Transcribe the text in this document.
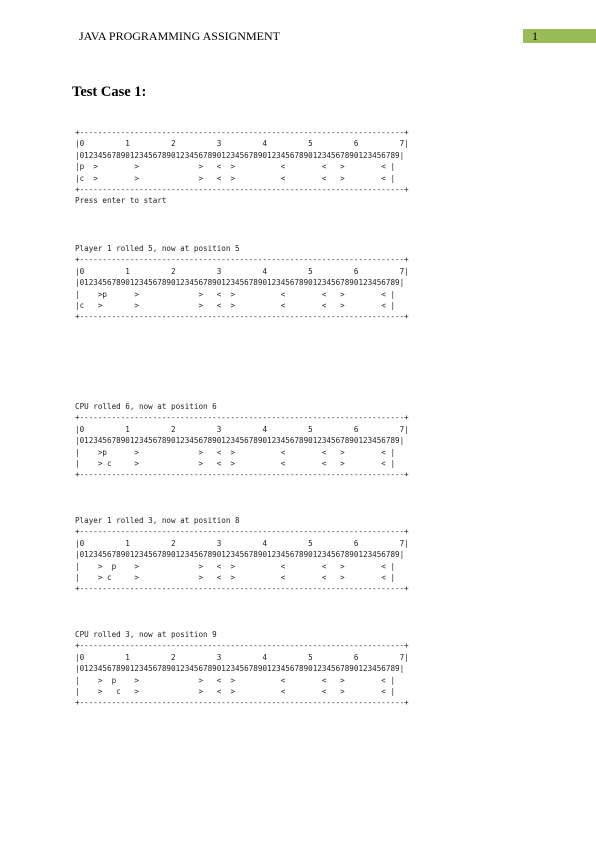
JAVA PROGRAMMING ASSIGNMENT	1
Test Case 1:
+-----------------------------------------------------------------------+
|0         1         2         3         4         5         6         7|
|0123456789012345678901234567890123456789012345678901234567890123456789|
|p  >        >             >   <  >          <        <   >        < |
|c  >        >             >   <  >          <        <   >        < |
+-----------------------------------------------------------------------+
Press enter to start
Player 1 rolled 5, now at position 5
+-----------------------------------------------------------------------+
|0         1         2         3         4         5         6         7|
|0123456789012345678901234567890123456789012345678901234567890123456789|
|    >p      >             >   <  >          <        <   >        < |
|c   >       >             >   <  >          <        <   >        < |
+-----------------------------------------------------------------------+
CPU rolled 6, now at position 6
+-----------------------------------------------------------------------+
|0         1         2         3         4         5         6         7|
|0123456789012345678901234567890123456789012345678901234567890123456789|
|    >p      >             >   <  >          <        <   >        < |
|    > c     >             >   <  >          <        <   >        < |
+-----------------------------------------------------------------------+
Player 1 rolled 3, now at position 8
+-----------------------------------------------------------------------+
|0         1         2         3         4         5         6         7|
|0123456789012345678901234567890123456789012345678901234567890123456789|
|    >  p    >             >   <  >          <        <   >        < |
|    > c     >             >   <  >          <        <   >        < |
+-----------------------------------------------------------------------+
CPU rolled 3, now at position 9
+-----------------------------------------------------------------------+
|0         1         2         3         4         5         6         7|
|0123456789012345678901234567890123456789012345678901234567890123456789|
|    >  p    >             >   <  >          <        <   >        < |
|    >   c   >             >   <  >          <        <   >        < |
+-----------------------------------------------------------------------+
